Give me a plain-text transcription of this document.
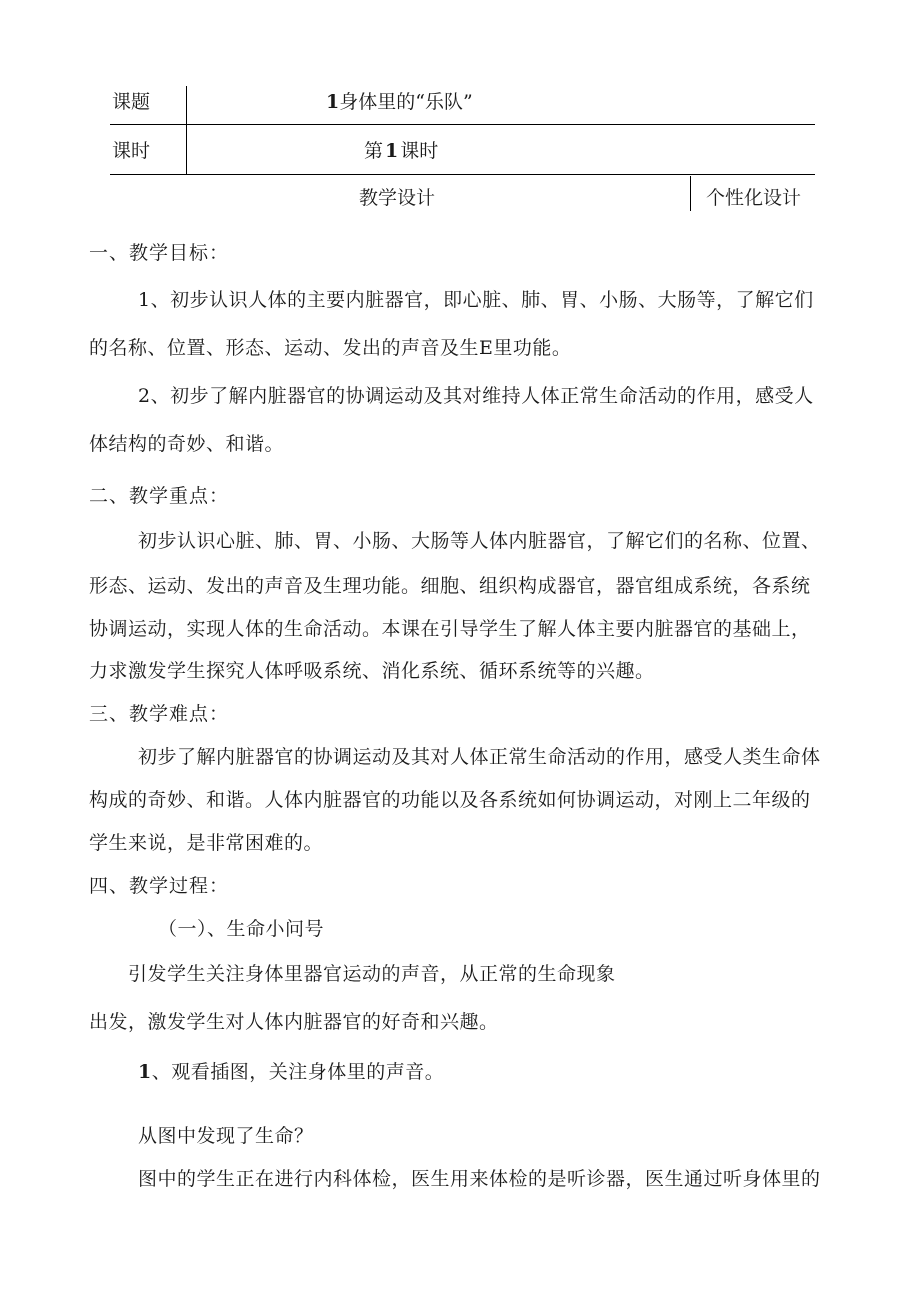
课题	1身体里的“乐队”
课时	第 1 课时
教学设计	个性化设计
一、教学目标：
1、初步认识人体的主要内脏器官，即心脏、肺、胃、小肠、大肠等，了解它们
的名称、位置、形态、运动、发出的声音及生E里功能。
2、初步了解内脏器官的协调运动及其对维持人体正常生命活动的作用，感受人
体结构的奇妙、和谐。
二、教学重点：
初步认识心脏、肺、胃、小肠、大肠等人体内脏器官，了解它们的名称、位置、
形态、运动、发出的声音及生理功能。细胞、组织构成器官，器官组成系统，各系统
协调运动，实现人体的生命活动。本课在引导学生了解人体主要内脏器官的基础上，
力求激发学生探究人体呼吸系统、消化系统、循环系统等的兴趣。
三、教学难点：
初步了解内脏器官的协调运动及其对人体正常生命活动的作用，感受人类生命体
构成的奇妙、和谐。人体内脏器官的功能以及各系统如何协调运动，对刚上二年级的
学生来说，是非常困难的。
四、教学过程：
（一）、生命小问号
引发学生关注身体里器官运动的声音，从正常的生命现象
出发，激发学生对人体内脏器官的好奇和兴趣。
1、观看插图，关注身体里的声音。
从图中发现了生命？
图中的学生正在进行内科体检，医生用来体检的是听诊器，医生通过听身体里的
